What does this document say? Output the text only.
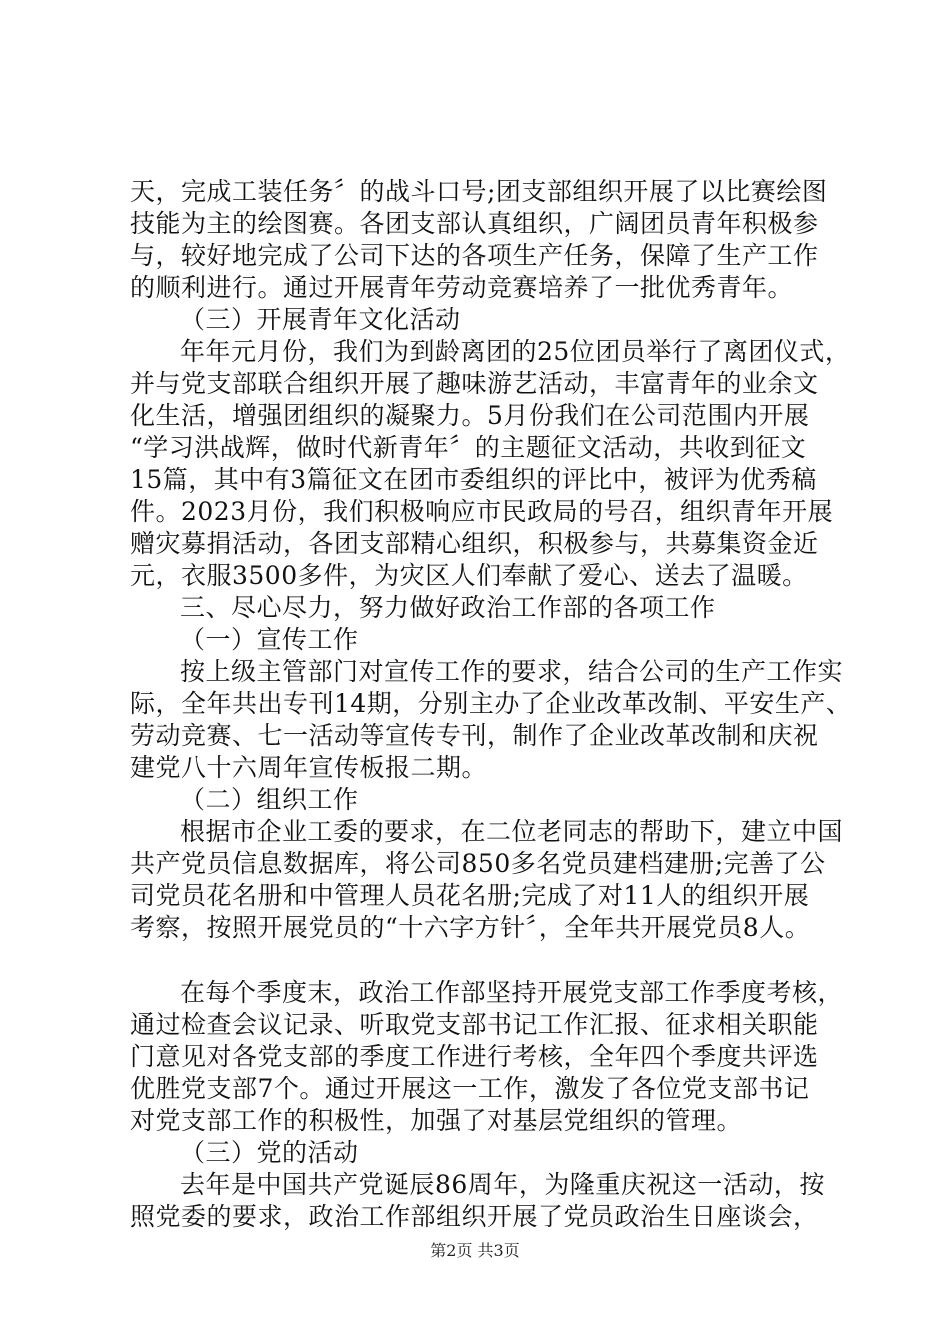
天，完成工装任务〞的战斗口号;团支部组织开展了以比赛绘图
技能为主的绘图赛。各团支部认真组织，广阔团员青年积极参
与，较好地完成了公司下达的各项生产任务，保障了生产工作
的顺利进行。通过开展青年劳动竞赛培养了一批优秀青年。
（三）开展青年文化活动
年年元月份，我们为到龄离团的25位团员举行了离团仪式，
并与党支部联合组织开展了趣味游艺活动，丰富青年的业余文
化生活，增强团组织的凝聚力。5月份我们在公司范围内开展
“学习洪战辉，做时代新青年〞的主题征文活动，共收到征文
15篇，其中有3篇征文在团市委组织的评比中，被评为优秀稿
件。2023月份，我们积极响应市民政局的号召，组织青年开展
赠灾募捐活动，各团支部精心组织，积极参与，共募集资金近
元，衣服3500多件，为灾区人们奉献了爱心、送去了温暖。
三、尽心尽力，努力做好政治工作部的各项工作
（一）宣传工作
按上级主管部门对宣传工作的要求，结合公司的生产工作实
际，全年共出专刊14期，分别主办了企业改革改制、平安生产、
劳动竞赛、七一活动等宣传专刊，制作了企业改革改制和庆祝
建党八十六周年宣传板报二期。
（二）组织工作
根据市企业工委的要求，在二位老同志的帮助下，建立中国
共产党员信息数据库，将公司850多名党员建档建册;完善了公
司党员花名册和中管理人员花名册;完成了对11人的组织开展
考察，按照开展党员的“十六字方针〞，全年共开展党员8人。
在每个季度末，政治工作部坚持开展党支部工作季度考核，
通过检查会议记录、听取党支部书记工作汇报、征求相关职能
门意见对各党支部的季度工作进行考核，全年四个季度共评选
优胜党支部7个。通过开展这一工作，激发了各位党支部书记
对党支部工作的积极性，加强了对基层党组织的管理。
（三）党的活动
去年是中国共产党诞辰86周年，为隆重庆祝这一活动，按
照党委的要求，政治工作部组织开展了党员政治生日座谈会，
第2页 共3页
